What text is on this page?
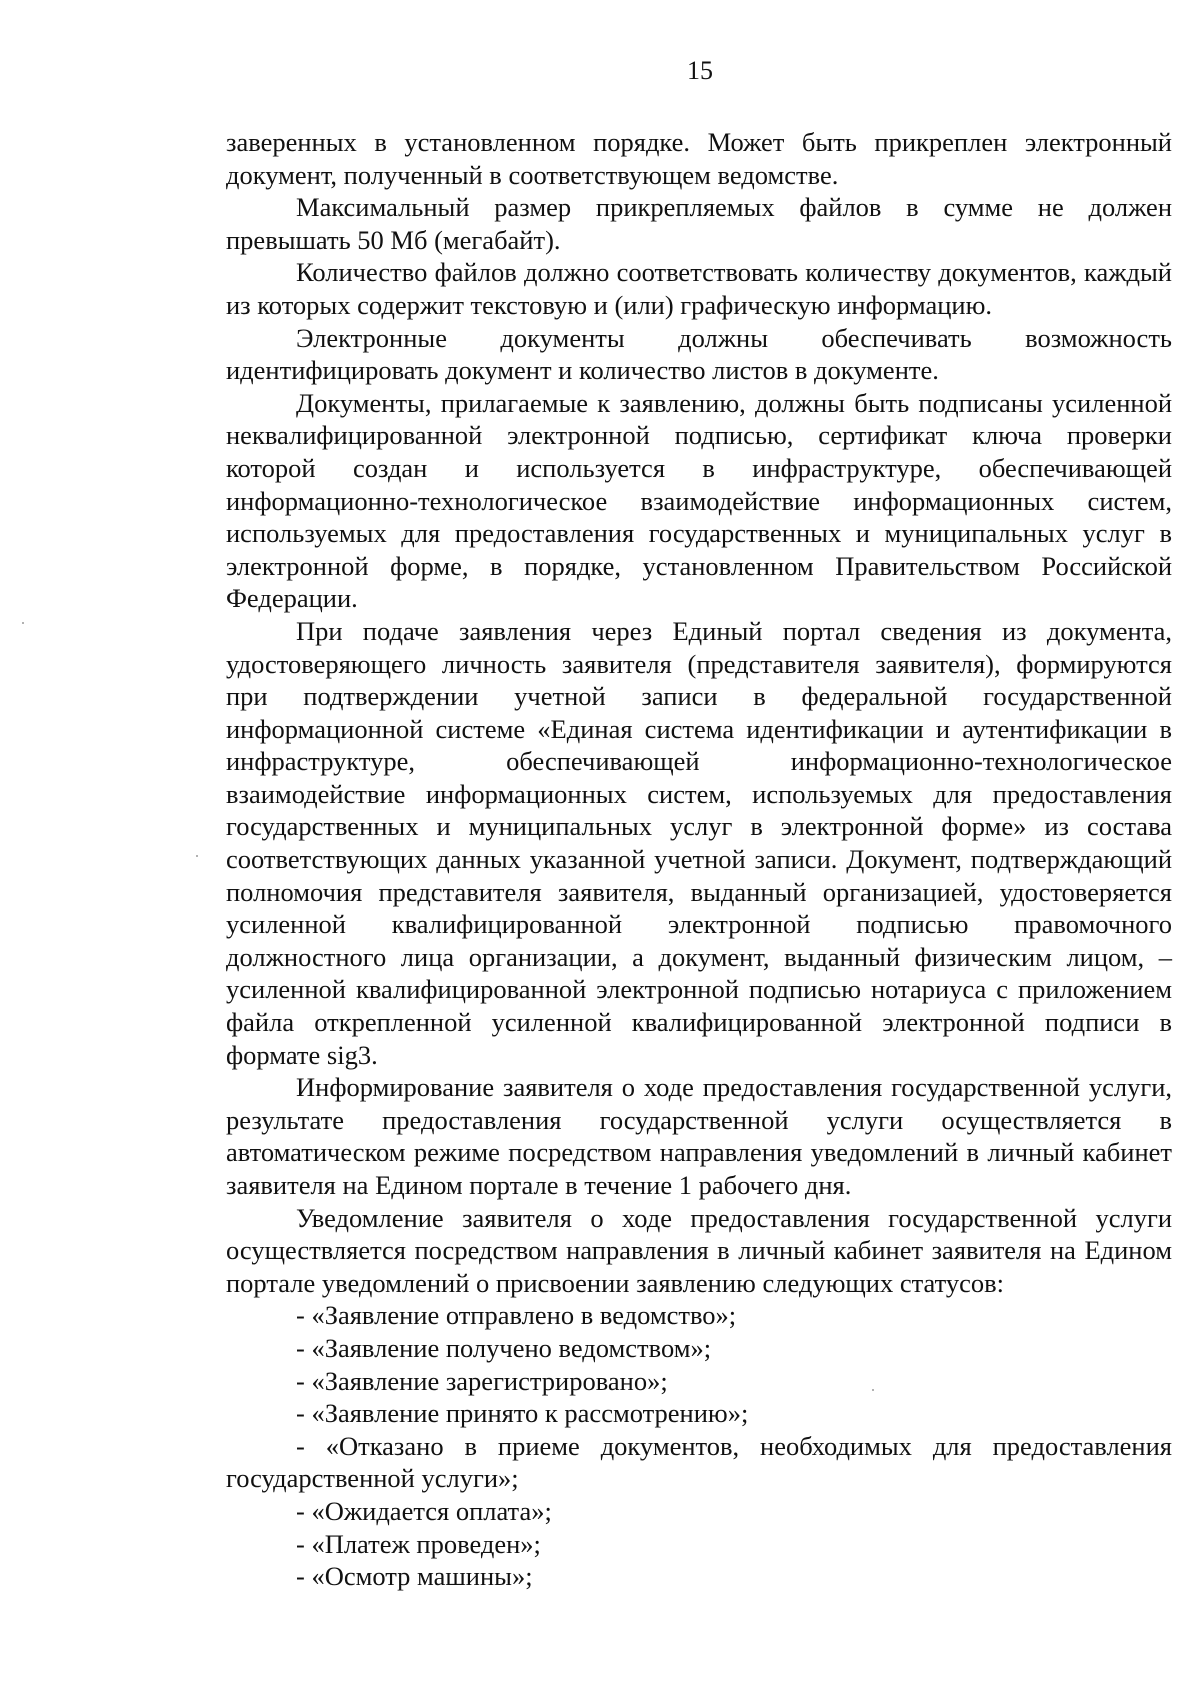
15

заверенных в установленном порядке. Может быть прикреплен электронный документ, полученный в соответствующем ведомстве.

Максимальный размер прикрепляемых файлов в сумме не должен превышать 50 Мб (мегабайт).

Количество файлов должно соответствовать количеству документов, каждый из которых содержит текстовую и (или) графическую информацию.

Электронные документы должны обеспечивать возможность идентифицировать документ и количество листов в документе.

Документы, прилагаемые к заявлению, должны быть подписаны усиленной неквалифицированной электронной подписью, сертификат ключа проверки которой создан и используется в инфраструктуре, обеспечивающей информационно-технологическое взаимодействие информационных систем, используемых для предоставления государственных и муниципальных услуг в электронной форме, в порядке, установленном Правительством Российской Федерации.

При подаче заявления через Единый портал сведения из документа, удостоверяющего личность заявителя (представителя заявителя), формируются при подтверждении учетной записи в федеральной государственной информационной системе «Единая система идентификации и аутентификации в инфраструктуре, обеспечивающей информационно-технологическое взаимодействие информационных систем, используемых для предоставления государственных и муниципальных услуг в электронной форме» из состава соответствующих данных указанной учетной записи. Документ, подтверждающий полномочия представителя заявителя, выданный организацией, удостоверяется усиленной квалифицированной электронной подписью правомочного должностного лица организации, а документ, выданный физическим лицом, – усиленной квалифицированной электронной подписью нотариуса с приложением файла открепленной усиленной квалифицированной электронной подписи в формате sig3.

Информирование заявителя о ходе предоставления государственной услуги, результате предоставления государственной услуги осуществляется в автоматическом режиме посредством направления уведомлений в личный кабинет заявителя на Едином портале в течение 1 рабочего дня.

Уведомление заявителя о ходе предоставления государственной услуги осуществляется посредством направления в личный кабинет заявителя на Едином портале уведомлений о присвоении заявлению следующих статусов:

- «Заявление отправлено в ведомство»;
- «Заявление получено ведомством»;
- «Заявление зарегистрировано»;
- «Заявление принято к рассмотрению»;
- «Отказано в приеме документов, необходимых для предоставления государственной услуги»;
- «Ожидается оплата»;
- «Платеж проведен»;
- «Осмотр машины»;
